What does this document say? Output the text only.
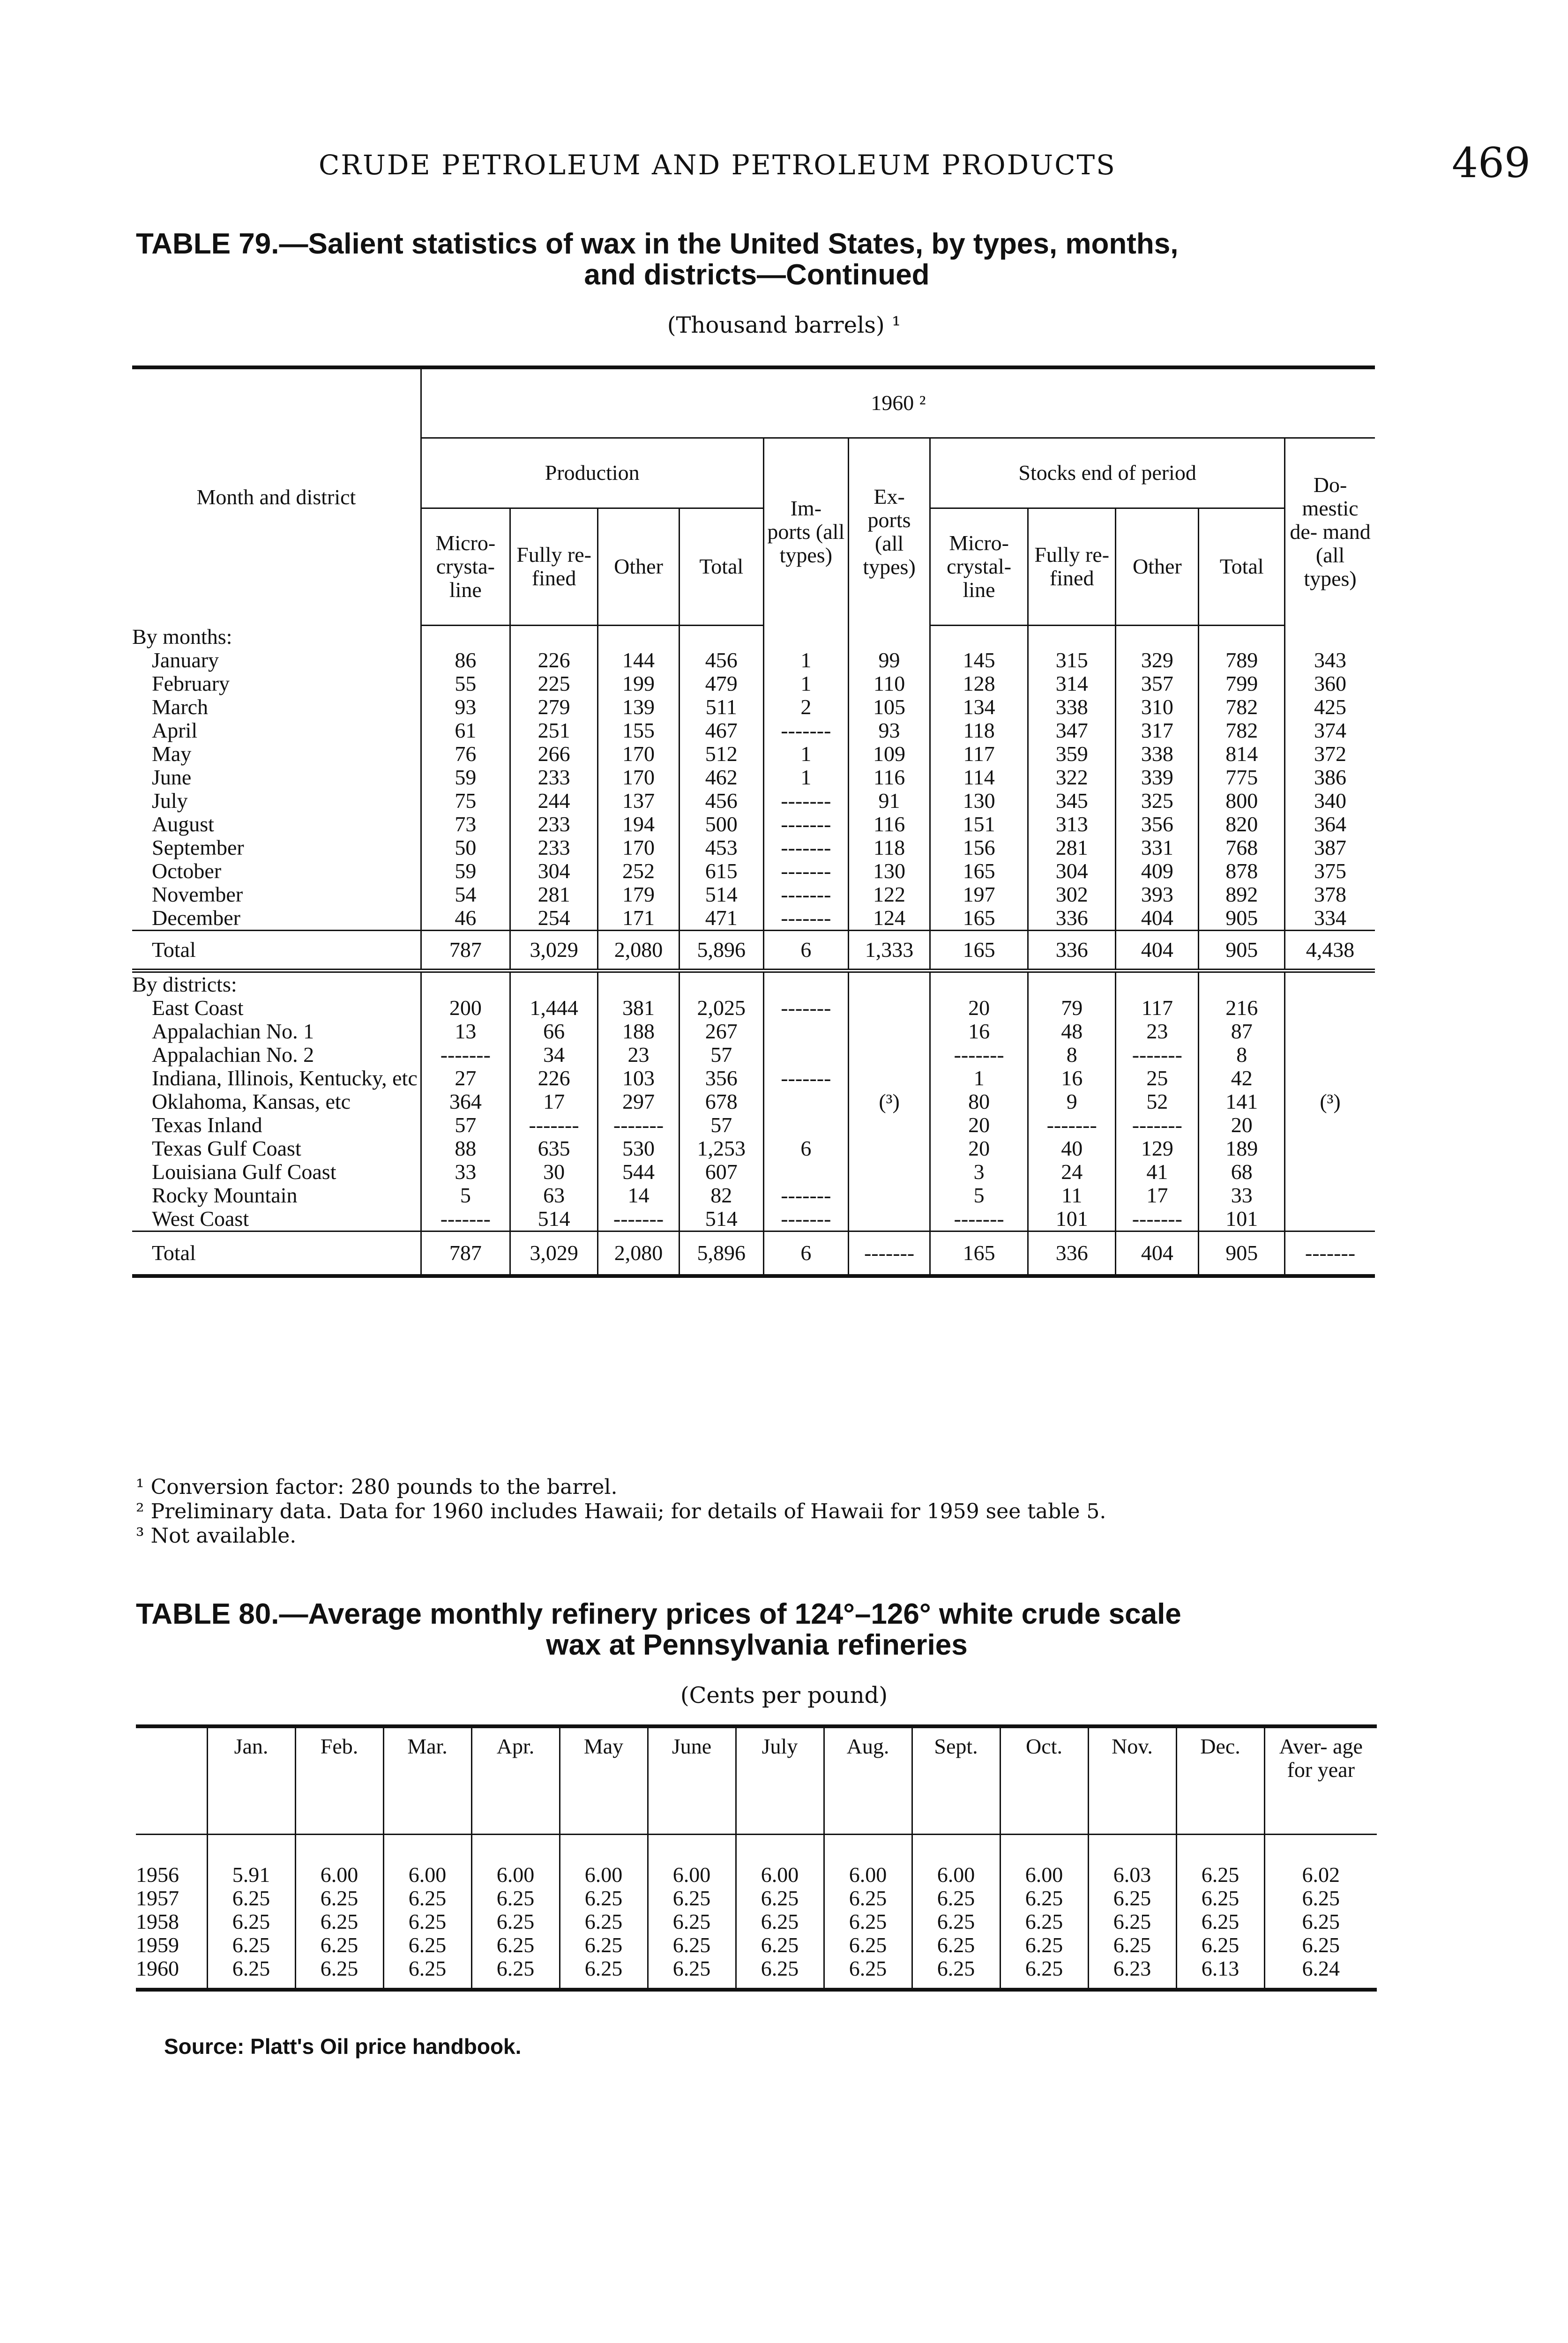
CRUDE PETROLEUM AND PETROLEUM PRODUCTS	469
TABLE 79.—Salient statistics of wax in the United States, by types, months,
and districts—Continued
(Thousand barrels) ¹
Month and district	1960 ²										
	Production				Im- ports (all types)	Ex- ports (all types)	Stocks end of period				Do- mestic de- mand (all types)
	Micro- crysta- line	Fully re- fined	Other	Total			Micro- crystal- line	Fully re- fined	Other	Total	
By months:											
January	86	226	144	456	1	99	145	315	329	789	343
February	55	225	199	479	1	110	128	314	357	799	360
March	93	279	139	511	2	105	134	338	310	782	425
April	61	251	155	467	-------	93	118	347	317	782	374
May	76	266	170	512	1	109	117	359	338	814	372
June	59	233	170	462	1	116	114	322	339	775	386
July	75	244	137	456	-------	91	130	345	325	800	340
August	73	233	194	500	-------	116	151	313	356	820	364
September	50	233	170	453	-------	118	156	281	331	768	387
October	59	304	252	615	-------	130	165	304	409	878	375
November	54	281	179	514	-------	122	197	302	393	892	378
December	46	254	171	471	-------	124	165	336	404	905	334
Total	787	3,029	2,080	5,896	6	1,333	165	336	404	905	4,438
By districts:											
East Coast	200	1,444	381	2,025	-------		20	79	117	216	
Appalachian No. 1	13	66	188	267			16	48	23	87	
Appalachian No. 2	-------	34	23	57			-------	8	-------	8	
Indiana, Illinois, Kentucky, etc	27	226	103	356	-------		1	16	25	42	
Oklahoma, Kansas, etc	364	17	297	678		(³)	80	9	52	141	(³)
Texas Inland	57	-------	-------	57			20	-------	-------	20	
Texas Gulf Coast	88	635	530	1,253	6		20	40	129	189	
Louisiana Gulf Coast	33	30	544	607			3	24	41	68	
Rocky Mountain	5	63	14	82	-------		5	11	17	33	
West Coast	-------	514	-------	514	-------		-------	101	-------	101	
Total	787	3,029	2,080	5,896	6	-------	165	336	404	905	-------
¹ Conversion factor: 280 pounds to the barrel.
² Preliminary data. Data for 1960 includes Hawaii; for details of Hawaii for 1959 see table 5.
³ Not available.
TABLE 80.—Average monthly refinery prices of 124°–126° white crude scale
wax at Pennsylvania refineries
(Cents per pound)
	Jan.	Feb.	Mar.	Apr.	May	June	July	Aug.	Sept.	Oct.	Nov.	Dec.	Aver- age for year

1956	5.91	6.00	6.00	6.00	6.00	6.00	6.00	6.00	6.00	6.00	6.03	6.25	6.02
1957	6.25	6.25	6.25	6.25	6.25	6.25	6.25	6.25	6.25	6.25	6.25	6.25	6.25
1958	6.25	6.25	6.25	6.25	6.25	6.25	6.25	6.25	6.25	6.25	6.25	6.25	6.25
1959	6.25	6.25	6.25	6.25	6.25	6.25	6.25	6.25	6.25	6.25	6.25	6.25	6.25
1960	6.25	6.25	6.25	6.25	6.25	6.25	6.25	6.25	6.25	6.25	6.23	6.13	6.24
Source: Platt's Oil price handbook.
